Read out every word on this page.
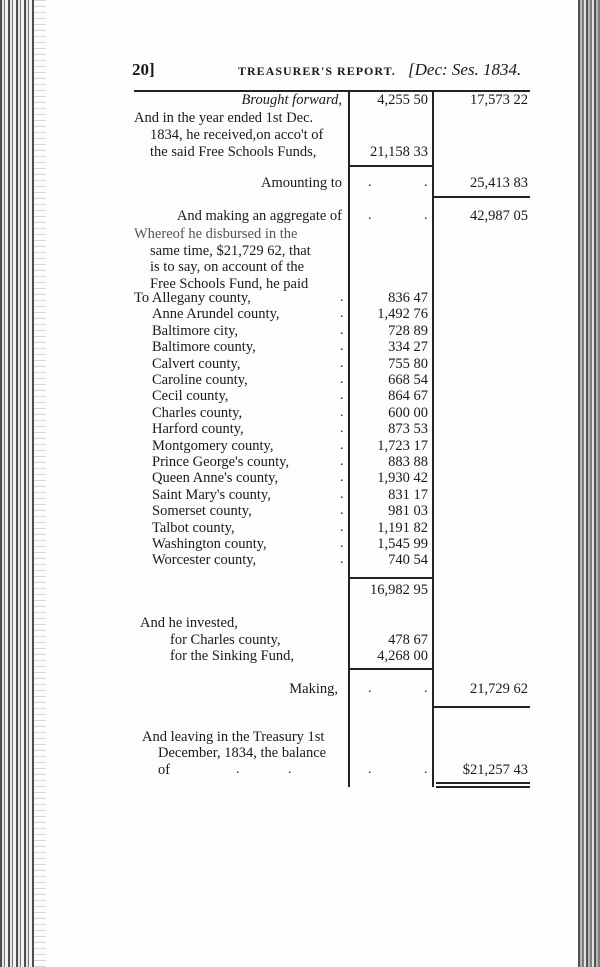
20]	TREASURER'S REPORT. [Dec: Ses. 1834.
Brought forward, 4,255 50	17,573 22
And in the year ended 1st Dec.
1834, he received,on acco't of
the said Free Schools Funds,	21,158 33
Amounting to .	.	25,413 83
And making an aggregate of .	.	42,987 05
Whereof he disbursed in the
same time, $21,729 62, that
is to say, on account of the
Free Schools Fund, he paid
To Allegany county,	.	836 47
Anne Arundel county,	. 1,492 76
Baltimore city,	.	728 89
Baltimore county,	.	334 27
Calvert county,	.	755 80
Caroline county,	.	668 54
Cecil county,	.	864 67
Charles county,	.	600 00
Harford county,	.	873 53
Montgomery county,	. 1,723 17
Prince George's county,	.	883 88
Queen Anne's county,	. 1,930 42
Saint Mary's county,	.	831 17
Somerset county,	.	981 03
Talbot county,	. 1,191 82
Washington county,	. 1,545 99
Worcester county,	.	740 54
16,982 95
And he invested,
for Charles county,	478 67
for the Sinking Fund,	4,268 00
Making, .	.	21,729 62
And leaving in the Treasury 1st
December, 1834, the balance
of	.	.	.	. $21,257 43
